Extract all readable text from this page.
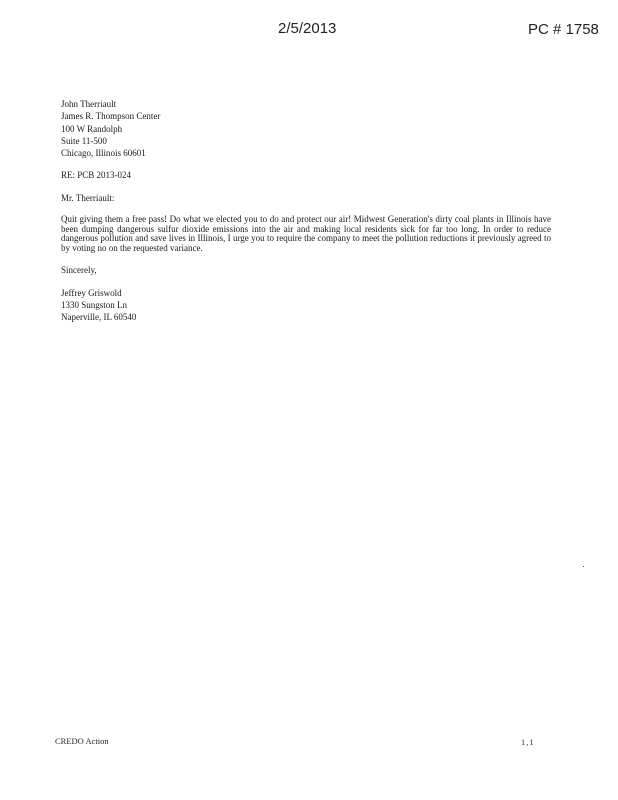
2/5/2013	PC # 1758
John Therriault
James R. Thompson Center
100 W Randolph
Suite 11-500
Chicago, Illinois 60601
RE: PCB 2013-024
Mr. Therriault:
Quit giving them a free pass! Do what we elected you to do and protect our air! Midwest Generation's dirty coal plants in Illinois have been dumping dangerous sulfur dioxide emissions into the air and making local residents sick for far too long. In order to reduce dangerous pollution and save lives in Illinois, I urge you to require the company to meet the pollution reductions it previously agreed to by voting no on the requested variance.
Sincerely,
Jeffrey Griswold
1330 Sungston Ln
Naperville, IL 60540
CREDO Action	1,1
